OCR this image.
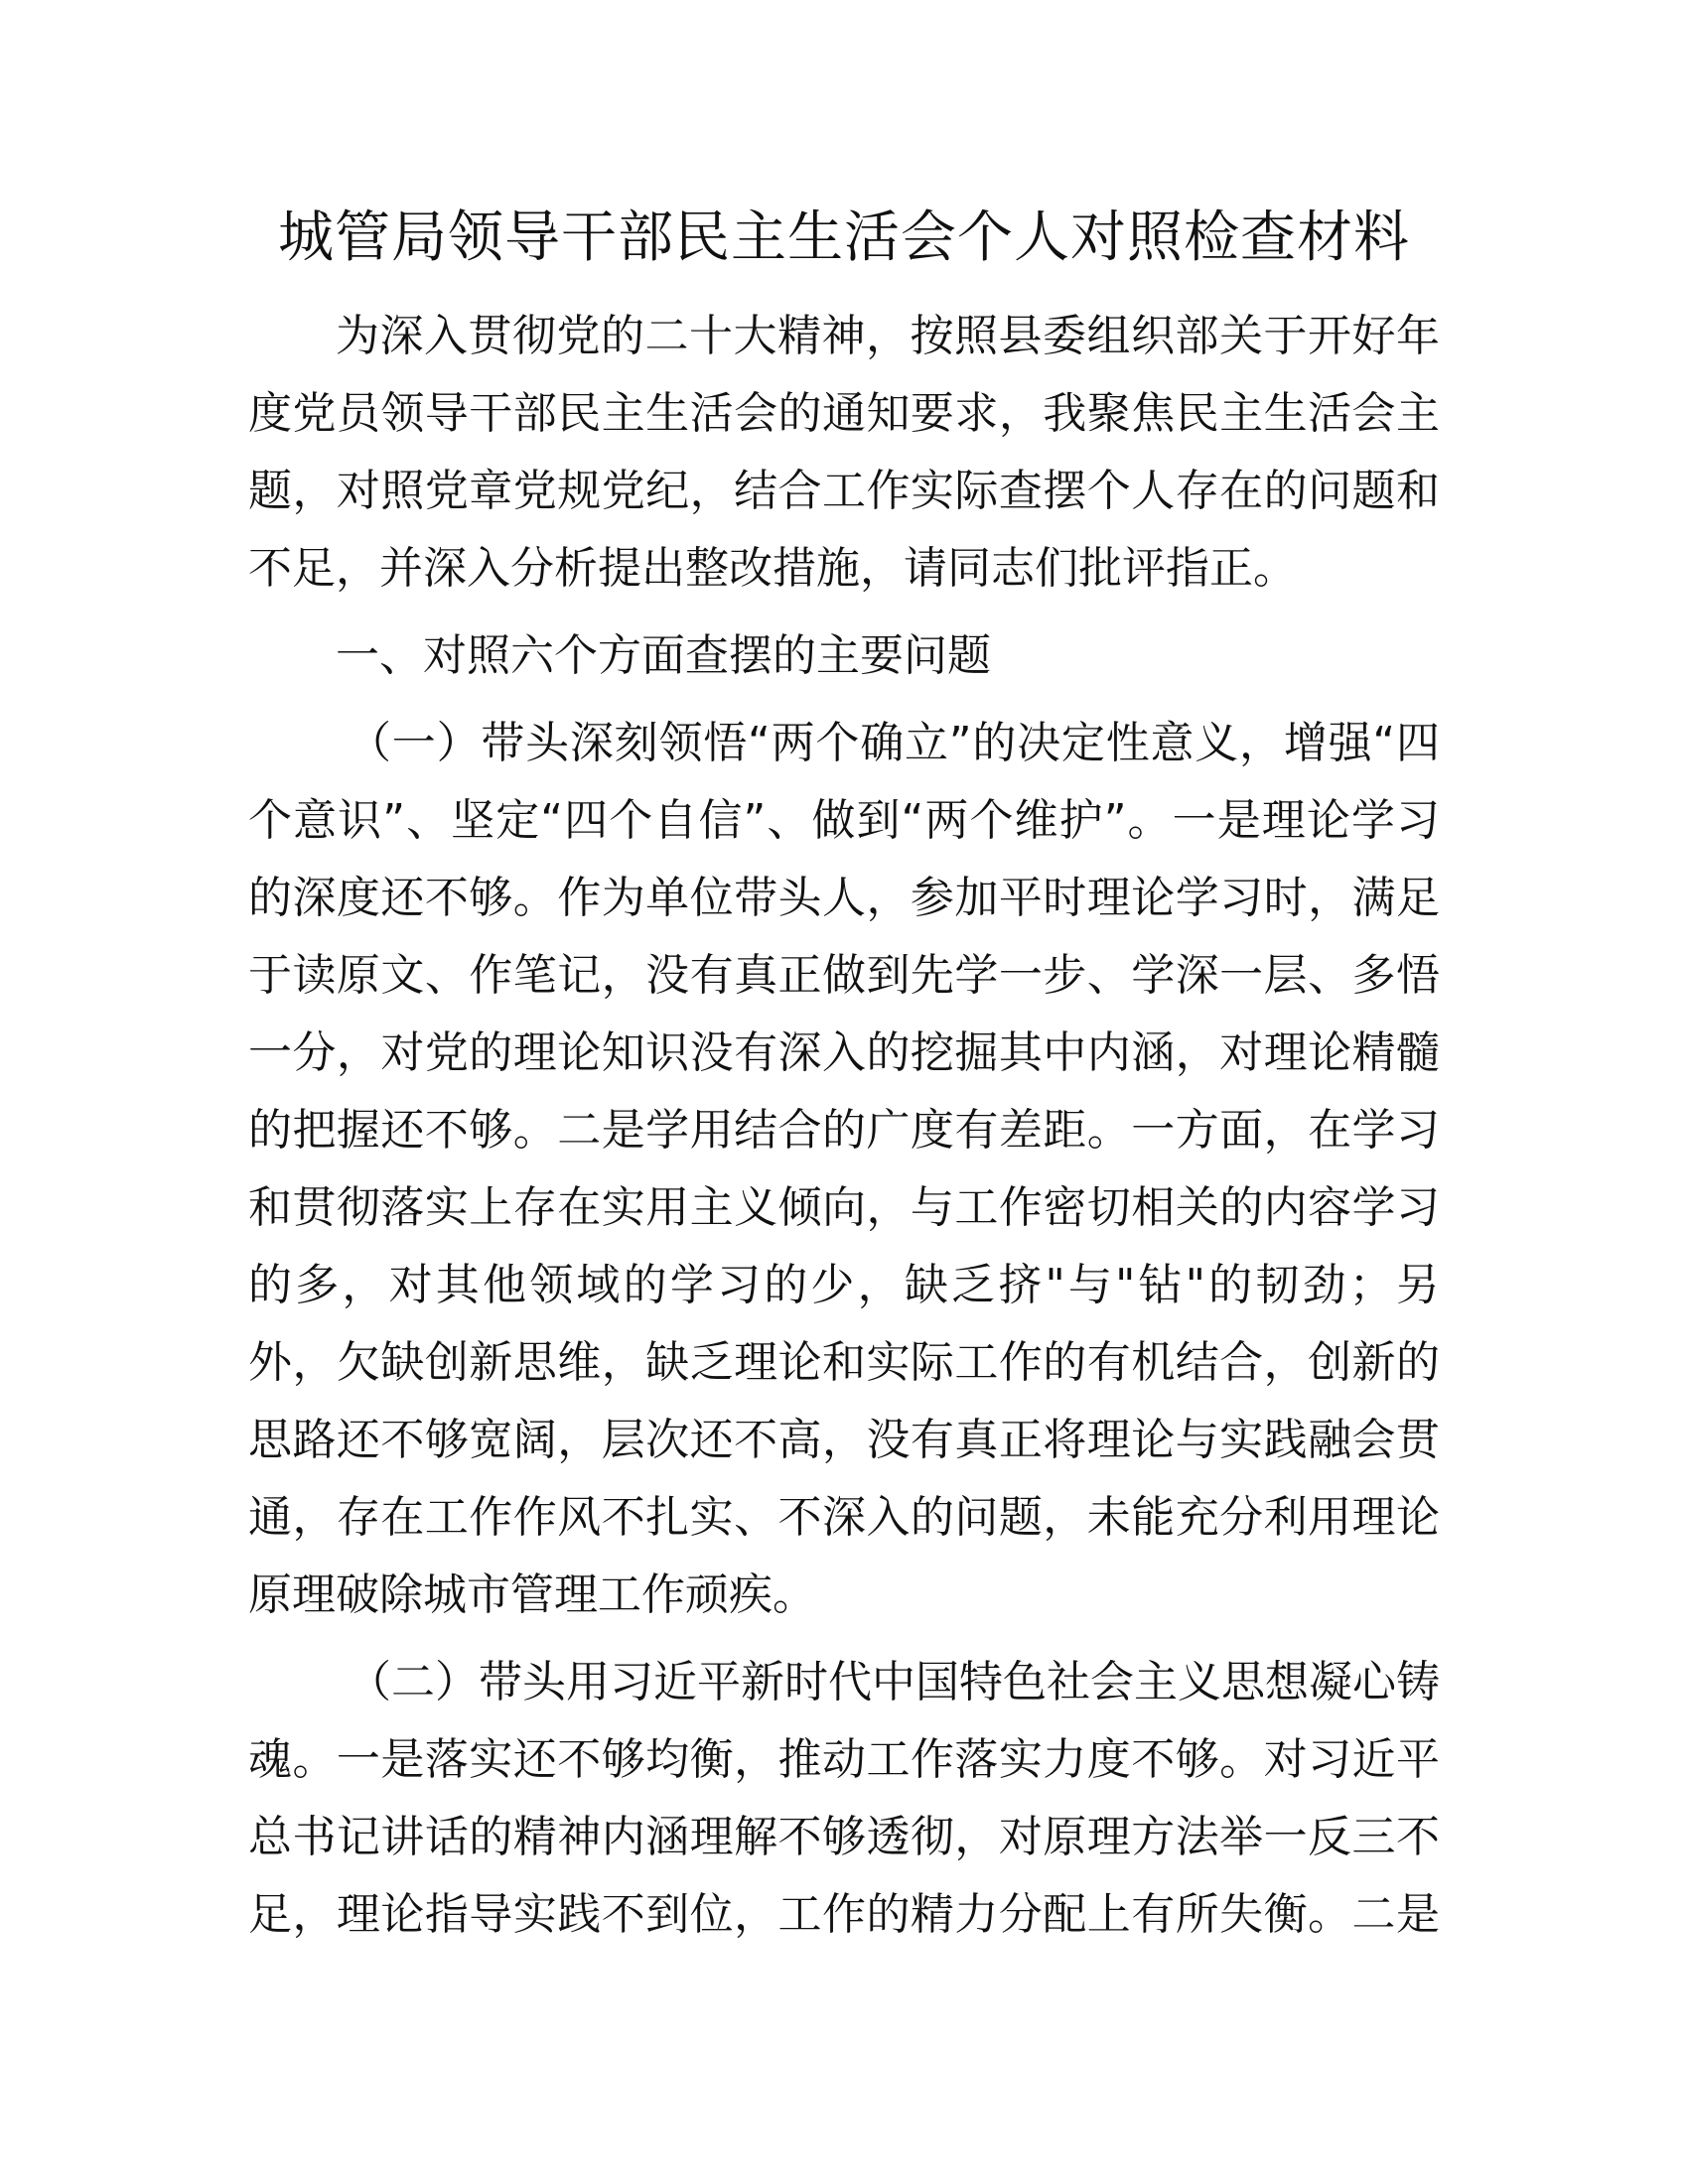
城管局领导干部民主生活会个人对照检查材料
为深入贯彻党的二十大精神，按照县委组织部关于开好年
度党员领导干部民主生活会的通知要求，我聚焦民主生活会主
题，对照党章党规党纪，结合工作实际查摆个人存在的问题和
不足，并深入分析提出整改措施，请同志们批评指正。
一、对照六个方面查摆的主要问题
（一）带头深刻领悟“两个确立”的决定性意义，增强“四
个意识”、坚定“四个自信”、做到“两个维护”。一是理论学习
的深度还不够。作为单位带头人，参加平时理论学习时，满足
于读原文、作笔记，没有真正做到先学一步、学深一层、多悟
一分，对党的理论知识没有深入的挖掘其中内涵，对理论精髓
的把握还不够。二是学用结合的广度有差距。一方面，在学习
和贯彻落实上存在实用主义倾向，与工作密切相关的内容学习
的多，对其他领域的学习的少，缺乏挤"与"钻"的韧劲；另
外，欠缺创新思维，缺乏理论和实际工作的有机结合，创新的
思路还不够宽阔，层次还不高，没有真正将理论与实践融会贯
通，存在工作作风不扎实、不深入的问题，未能充分利用理论
原理破除城市管理工作顽疾。
（二）带头用习近平新时代中国特色社会主义思想凝心铸
魂。一是落实还不够均衡，推动工作落实力度不够。对习近平
总书记讲话的精神内涵理解不够透彻，对原理方法举一反三不
足，理论指导实践不到位，工作的精力分配上有所失衡。二是
